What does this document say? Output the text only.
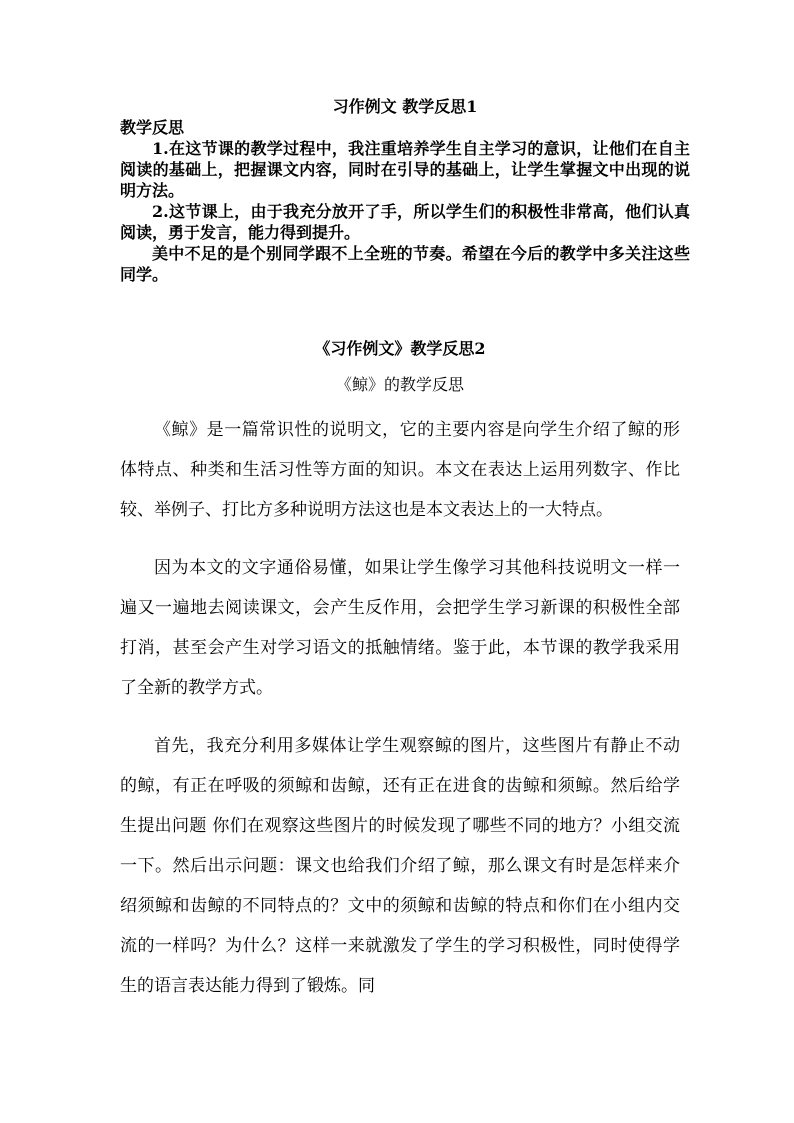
习作例文 教学反思1

教学反思

1.在这节课的教学过程中，我注重培养学生自主学习的意识，让他们在自主阅读的基础上，把握课文内容，同时在引导的基础上，让学生掌握文中出现的说明方法。

2.这节课上，由于我充分放开了手，所以学生们的积极性非常高，他们认真阅读，勇于发言，能力得到提升。

美中不足的是个别同学跟不上全班的节奏。希望在今后的教学中多关注这些同学。

《习作例文》教学反思2

《鲸》的教学反思

《鲸》是一篇常识性的说明文，它的主要内容是向学生介绍了鲸的形体特点、种类和生活习性等方面的知识。本文在表达上运用列数字、作比较、举例子、打比方多种说明方法这也是本文表达上的一大特点。

因为本文的文字通俗易懂，如果让学生像学习其他科技说明文一样一遍又一遍地去阅读课文，会产生反作用，会把学生学习新课的积极性全部打消，甚至会产生对学习语文的抵触情绪。鉴于此，本节课的教学我采用了全新的教学方式。

首先，我充分利用多媒体让学生观察鲸的图片，这些图片有静止不动的鲸，有正在呼吸的须鲸和齿鲸，还有正在进食的齿鲸和须鲸。然后给学生提出问题 你们在观察这些图片的时候发现了哪些不同的地方？小组交流一下。然后出示问题：课文也给我们介绍了鲸，那么课文有时是怎样来介绍须鲸和齿鲸的不同特点的？文中的须鲸和齿鲸的特点和你们在小组内交流的一样吗？为什么？这样一来就激发了学生的学习积极性，同时使得学生的语言表达能力得到了锻炼。同
